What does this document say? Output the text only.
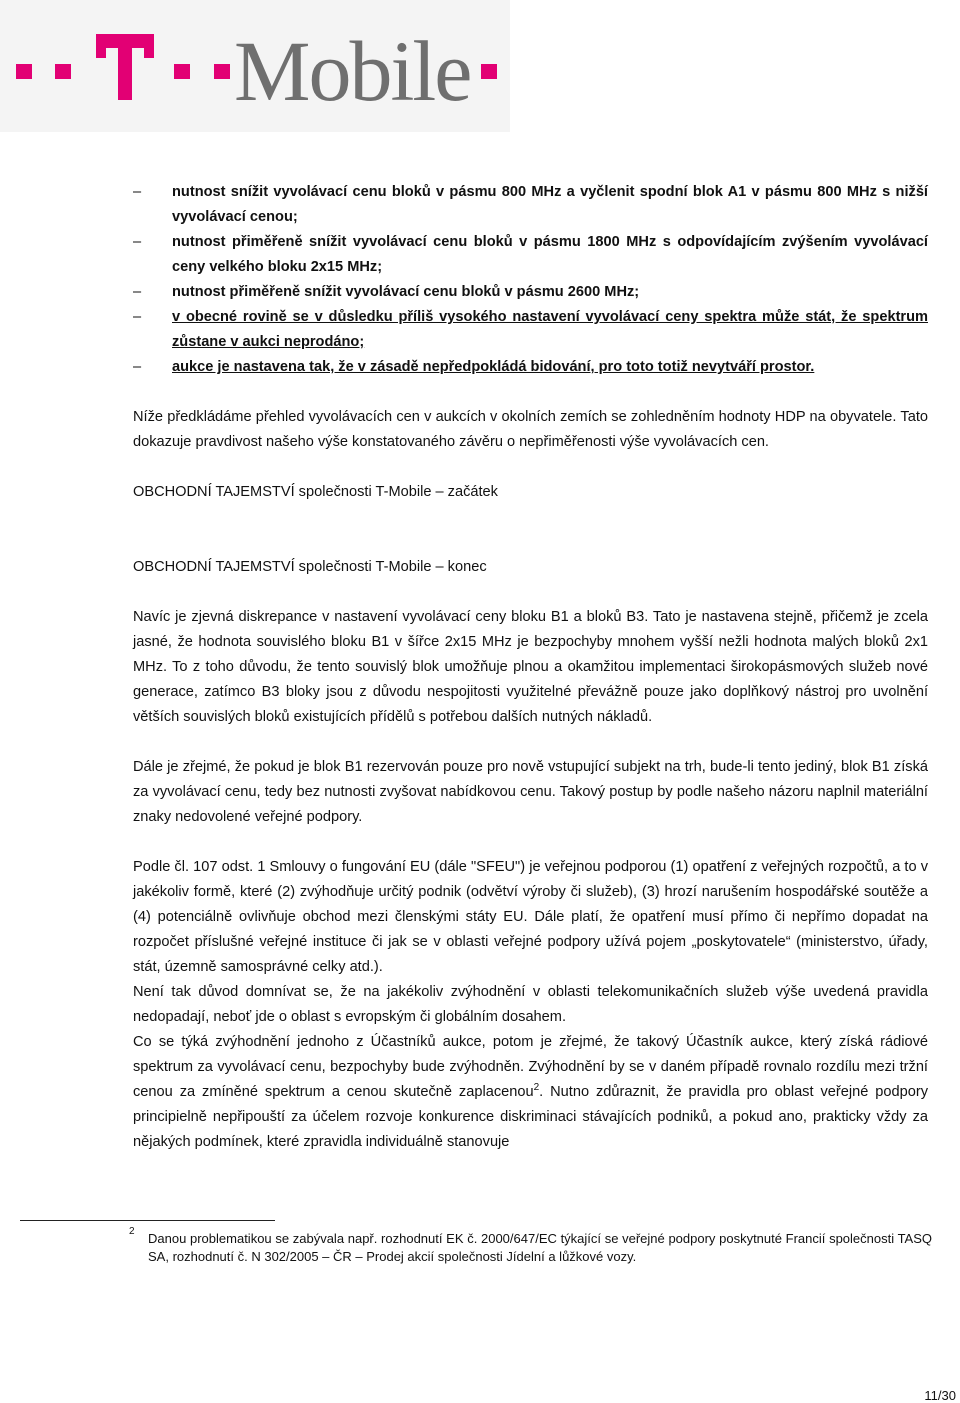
Mobile
– nutnost snížit vyvolávací cenu bloků v pásmu 800 MHz a vyčlenit spodní blok A1 v pásmu 800 MHz s nižší vyvolávací cenou;
– nutnost přiměřeně snížit vyvolávací cenu bloků v pásmu 1800 MHz s odpovídajícím zvýšením vyvolávací ceny velkého bloku 2x15 MHz;
– nutnost přiměřeně snížit vyvolávací cenu bloků v pásmu 2600 MHz;
– v obecné rovině se v důsledku příliš vysokého nastavení vyvolávací ceny spektra může stát, že spektrum zůstane v aukci neprodáno;
– aukce je nastavena tak, že v zásadě nepředpokládá bidování, pro toto totiž nevytváří prostor.

Níže předkládáme přehled vyvolávacích cen v aukcích v okolních zemích se zohledněním hodnoty HDP na obyvatele. Tato dokazuje pravdivost našeho výše konstatovaného závěru o nepřiměřenosti výše vyvolávacích cen.

OBCHODNÍ TAJEMSTVÍ společnosti T-Mobile – začátek

OBCHODNÍ TAJEMSTVÍ společnosti T-Mobile – konec

Navíc je zjevná diskrepance v nastavení vyvolávací ceny bloku B1 a bloků B3. Tato je nastavena stejně, přičemž je zcela jasné, že hodnota souvislého bloku B1 v šířce 2x15 MHz je bezpochyby mnohem vyšší nežli hodnota malých bloků 2x1 MHz. To z toho důvodu, že tento souvislý blok umožňuje plnou a okamžitou implementaci širokopásmových služeb nové generace, zatímco B3 bloky jsou z důvodu nespojitosti využitelné převážně pouze jako doplňkový nástroj pro uvolnění větších souvislých bloků existujících přídělů s potřebou dalších nutných nákladů.

Dále je zřejmé, že pokud je blok B1 rezervován pouze pro nově vstupující subjekt na trh, bude-li tento jediný, blok B1 získá za vyvolávací cenu, tedy bez nutnosti zvyšovat nabídkovou cenu. Takový postup by podle našeho názoru naplnil materiální znaky nedovolené veřejné podpory.

Podle čl. 107 odst. 1 Smlouvy o fungování EU (dále "SFEU") je veřejnou podporou (1) opatření z veřejných rozpočtů, a to v jakékoliv formě, které (2) zvýhodňuje určitý podnik (odvětví výroby či služeb), (3) hrozí narušením hospodářské soutěže a (4) potenciálně ovlivňuje obchod mezi členskými státy EU. Dále platí, že opatření musí přímo či nepřímo dopadat na rozpočet příslušné veřejné instituce či jak se v oblasti veřejné podpory užívá pojem „poskytovatele“ (ministerstvo, úřady, stát, územně samosprávné celky atd.).

Není tak důvod domnívat se, že na jakékoliv zvýhodnění v oblasti telekomunikačních služeb výše uvedená pravidla nedopadají, neboť jde o oblast s evropským či globálním dosahem.

Co se týká zvýhodnění jednoho z Účastníků aukce, potom je zřejmé, že takový Účastník aukce, který získá rádiové spektrum za vyvolávací cenu, bezpochyby bude zvýhodněn. Zvýhodnění by se v daném případě rovnalo rozdílu mezi tržní cenou za zmíněné spektrum a cenou skutečně zaplacenou$^2$. Nutno zdůraznit, že pravidla pro oblast veřejné podpory principielně nepřipouští za účelem rozvoje konkurence diskriminaci stávajících podniků, a pokud ano, prakticky vždy za nějakých podmínek, které zpravidla individuálně stanovuje

2 Danou problematikou se zabývala např. rozhodnutí EK č. 2000/647/EC týkající se veřejné podpory poskytnuté Francií společnosti TASQ SA, rozhodnutí č. N 302/2005 – ČR – Prodej akcií společnosti Jídelní a lůžkové vozy.
11/30
